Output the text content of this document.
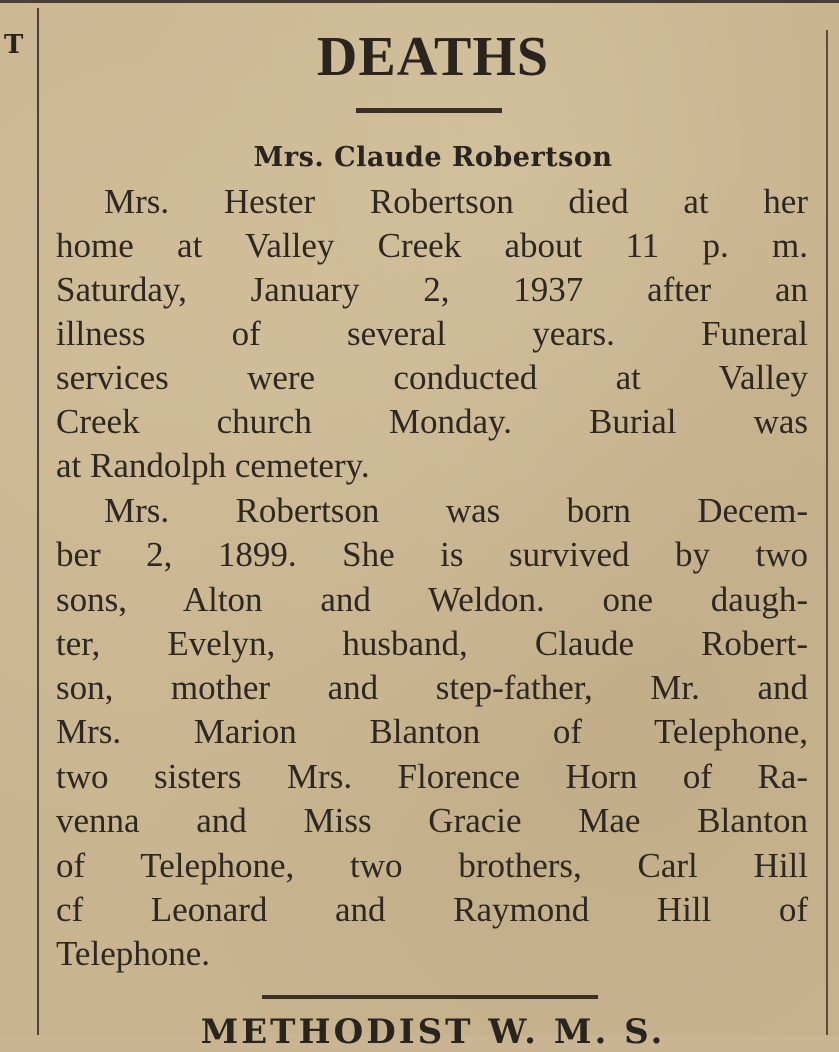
T	DEATHS
Mrs. Claude Robertson
Mrs. Hester Robertson died at her
home at Valley Creek about 11 p. m.
Saturday, January 2, 1937 after an
illness of several years. Funeral
services were conducted at Valley
Creek church Monday. Burial was
at Randolph cemetery.
Mrs. Robertson was born Decem-
ber 2, 1899. She is survived by two
sons, Alton and Weldon. one daugh-
ter, Evelyn, husband, Claude Robert-
son, mother and step-father, Mr. and
Mrs. Marion Blanton of Telephone,
two sisters Mrs. Florence Horn of Ra-
venna and Miss Gracie Mae Blanton
of Telephone, two brothers, Carl Hill
cf Leonard and Raymond Hill of
Telephone.
METHODIST W. M. S.
